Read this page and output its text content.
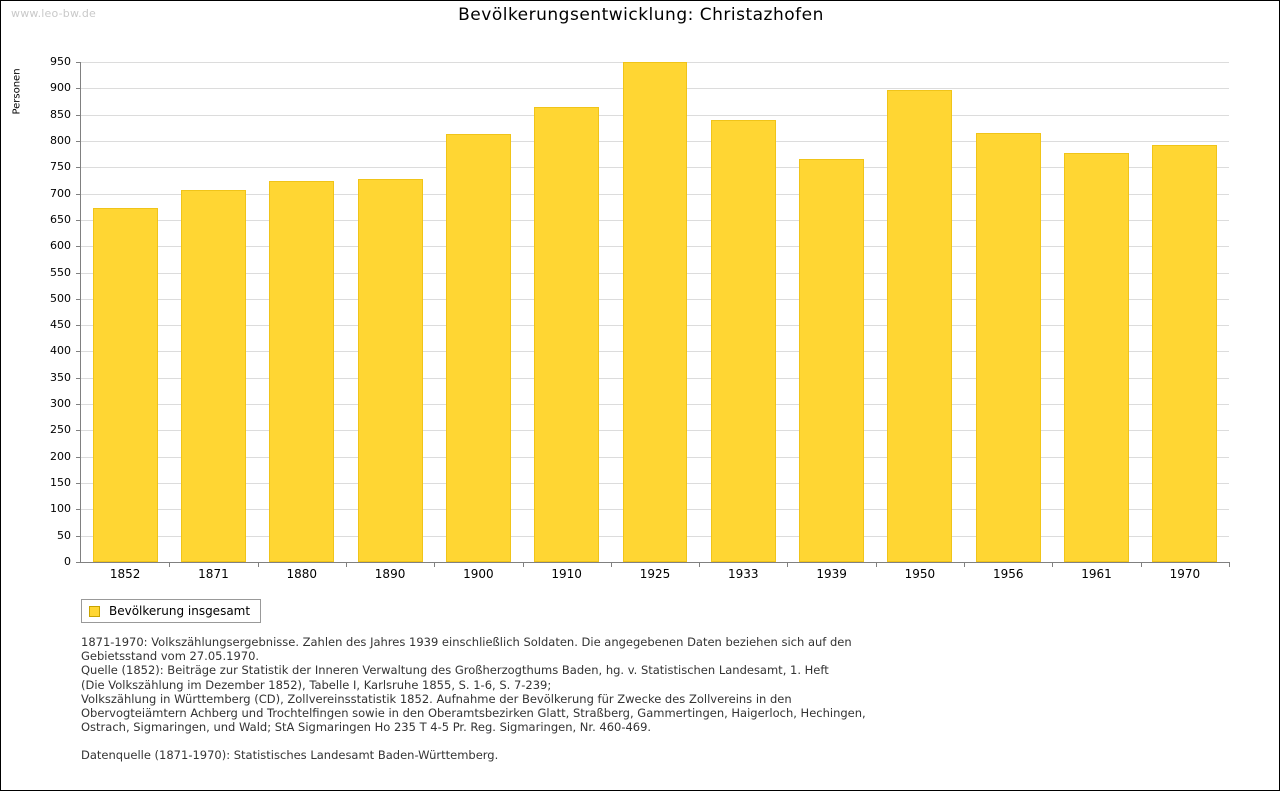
www.leo-bw.de	Bevölkerungsentwicklung: Christazhofen
Personen
0
50
100
150
200
250
300
350
400
450
500
550
600
650
700
750
800
850
900
950
1852	1871	1880	1890	1900	1910	1925	1933	1939	1950	1956	1961	1970
Bevölkerung insgesamt
1871-1970: Volkszählungsergebnisse. Zahlen des Jahres 1939 einschließlich Soldaten. Die angegebenen Daten beziehen sich auf den
Gebietsstand vom 27.05.1970.
Quelle (1852): Beiträge zur Statistik der Inneren Verwaltung des Großherzogthums Baden, hg. v. Statistischen Landesamt, 1. Heft
(Die Volkszählung im Dezember 1852), Tabelle I, Karlsruhe 1855, S. 1-6, S. 7-239;
Volkszählung in Württemberg (CD), Zollvereinsstatistik 1852. Aufnahme der Bevölkerung für Zwecke des Zollvereins in den
Obervogteiämtern Achberg und Trochtelfingen sowie in den Oberamtsbezirken Glatt, Straßberg, Gammertingen, Haigerloch, Hechingen,
Ostrach, Sigmaringen, und Wald; StA Sigmaringen Ho 235 T 4-5 Pr. Reg. Sigmaringen, Nr. 460-469.
Datenquelle (1871-1970): Statistisches Landesamt Baden-Württemberg.
